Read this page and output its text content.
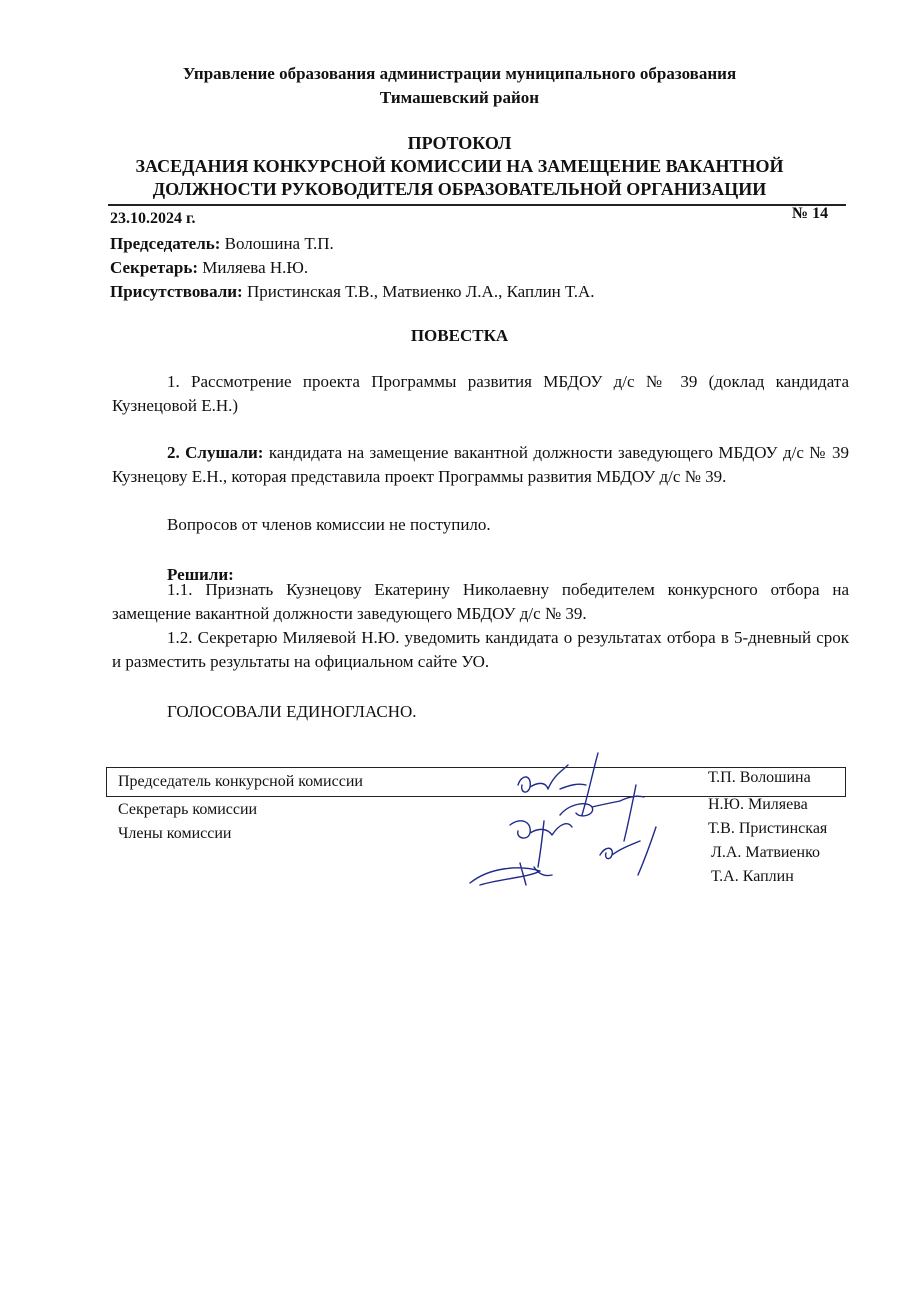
Управление образования администрации муниципального образования
Тимашевский район
ПРОТОКОЛ
ЗАСЕДАНИЯ КОНКУРСНОЙ КОМИССИИ НА ЗАМЕЩЕНИЕ ВАКАНТНОЙ
ДОЛЖНОСТИ РУКОВОДИТЕЛЯ ОБРАЗОВАТЕЛЬНОЙ ОРГАНИЗАЦИИ
23.10.2024 г.	№ 14
Председатель: Волошина Т.П.
Секретарь: Миляева Н.Ю.
Присутствовали: Пристинская Т.В., Матвиенко Л.А., Каплин Т.А.
ПОВЕСТКА
1. Рассмотрение проекта Программы развития МБДОУ д/с № 39 (доклад кандидата Кузнецовой Е.Н.)
2. Слушали: кандидата на замещение вакантной должности заведующего МБДОУ д/с № 39 Кузнецову Е.Н., которая представила проект Программы развития МБДОУ д/с № 39.
Вопросов от членов комиссии не поступило.
Решили:
1.1. Признать Кузнецову Екатерину Николаевну победителем конкурсного отбора на замещение вакантной должности заведующего МБДОУ д/с № 39.
1.2. Секретарю Миляевой Н.Ю. уведомить кандидата о результатах отбора в 5-дневный срок и разместить результаты на официальном сайте УО.
ГОЛОСОВАЛИ ЕДИНОГЛАСНО.
Председатель конкурсной комиссии
Секретарь комиссии
Члены комиссии
Т.П. Волошина
Н.Ю. Миляева
Т.В. Пристинская
Л.А. Матвиенко
Т.А. Каплин
